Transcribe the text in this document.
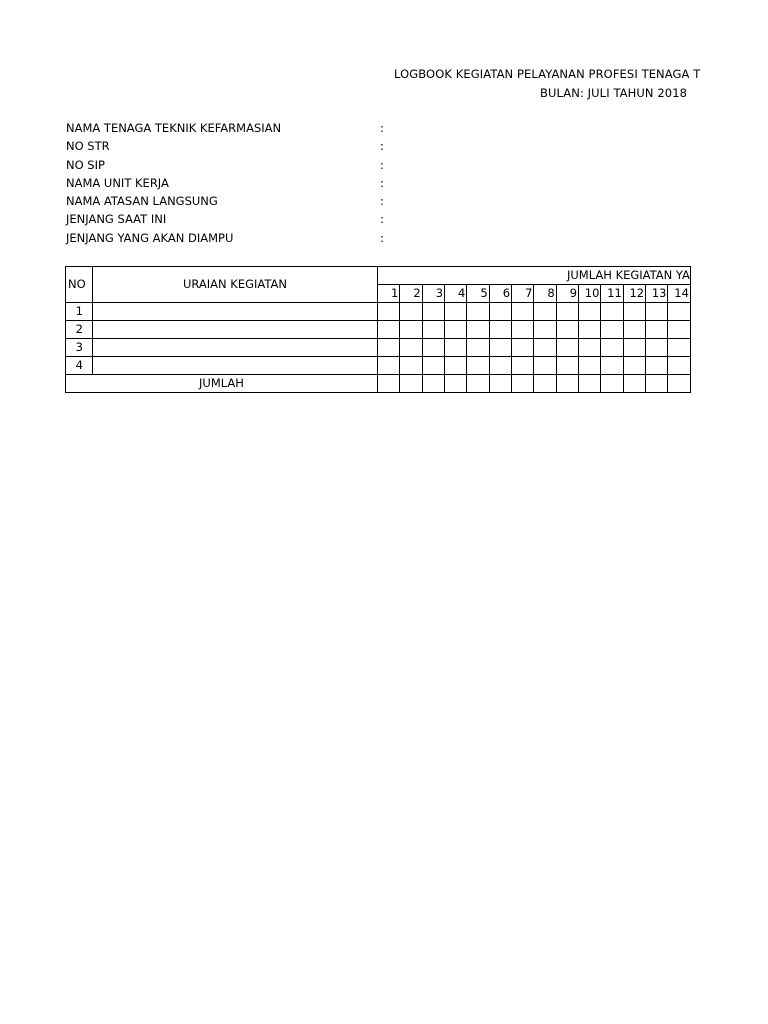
LOGBOOK KEGIATAN PELAYANAN PROFESI TENAGA T
BULAN: JULI TAHUN 2018
NAMA TENAGA TEKNIK KEFARMASIAN	:
NO STR	:
NO SIP	:
NAMA UNIT KERJA	:
NAMA ATASAN LANGSUNG	:
JENJANG SAAT INI	:
JENJANG YANG AKAN DIAMPU	:
NO	URAIAN KEGIATAN	JUMLAH KEGIATAN YA													
		1	2	3	4	5	6	7	8	9	10	11	12	13	14
1															
2															
3															
4															
JUMLAH															
